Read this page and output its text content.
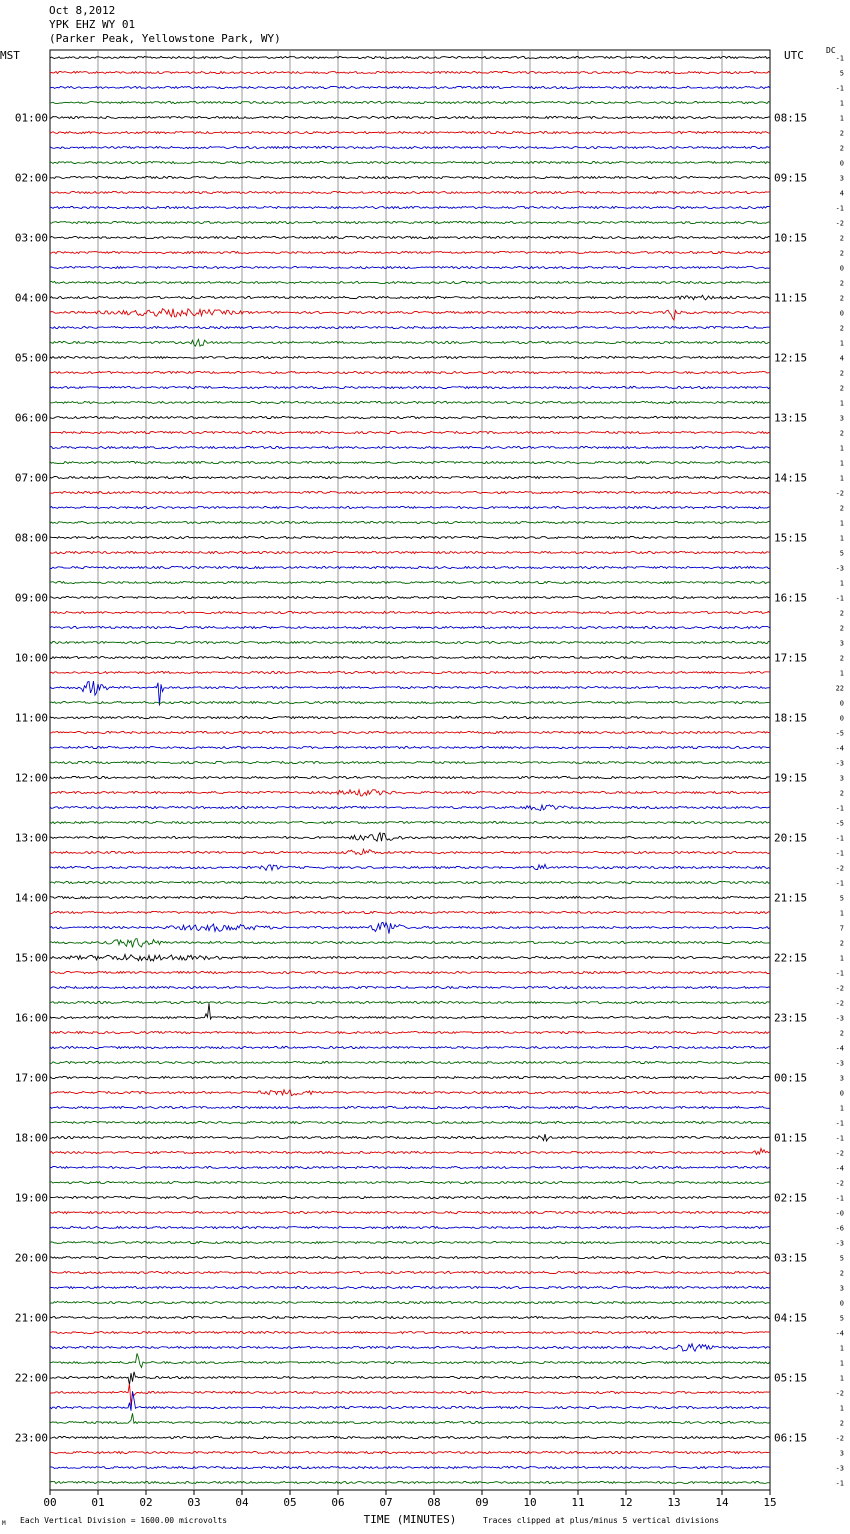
Oct 8,2012
YPK EHZ WY 01
(Parker Peak, Yellowstone Park, WY)
MST	UTC	DC
-1
5
-1
1
1
2
2
0
3
4
-1
-2
2
2
0
2
2
0
2
1
4
2
2
1
3
2
1
1
1
-2
2
1
1
5
-3
1
-1
2
2
3
2
1
22
0
0
-5
-4
-3
3
2
-1
-5
-1
-1
-2
-1
5
1
7
2
1
-1
-2
-2
-3
2
-4
-3
3
0
1
-1
-1
-2
-4
-2
-1
-0
-6
-3
5
2
3
0
5
-4
1
1
1
-2
1
2
-2
3
-3
-1
01:00
02:00
03:00
04:00
05:00
06:00
07:00
08:00
09:00
10:00
11:00
12:00
13:00
14:00
15:00
16:00
17:00
18:00
19:00
20:00
21:00
22:00
23:00
08:15
09:15
10:15
11:15
12:15
13:15
14:15
15:15
16:15
17:15
18:15
19:15
20:15
21:15
22:15
23:15
00:15
01:15
02:15
03:15
04:15
05:15
06:15
00	01	02	03	04	05	06	07	08	09	10	11	12	13	14	15
TIME (MINUTES)
Each Vertical Division = 1600.00 microvolts	Traces clipped at plus/minus 5 vertical divisions
M
